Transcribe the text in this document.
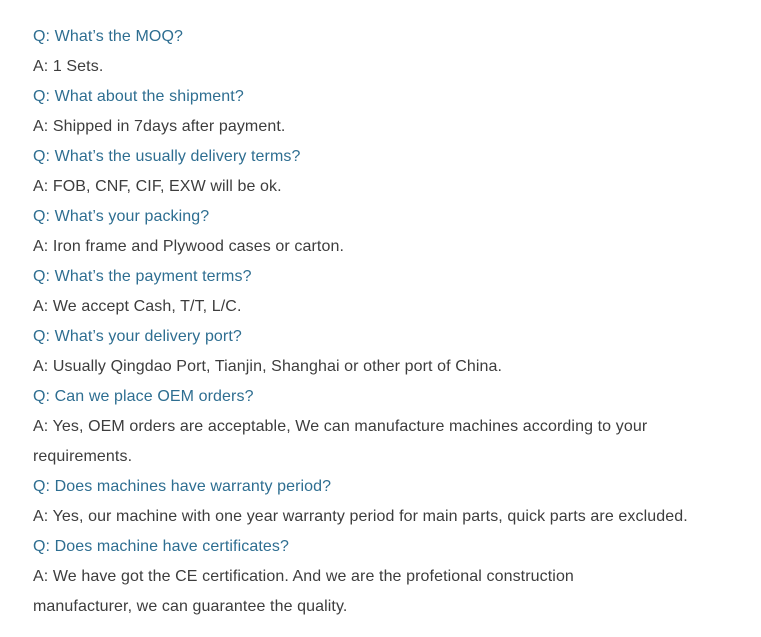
Q: What’s the MOQ?
A: 1 Sets.
Q: What about the shipment?
A: Shipped in 7days after payment.
Q: What’s the usually delivery terms?
A: FOB, CNF, CIF, EXW will be ok.
Q: What’s your packing?
A: Iron frame and Plywood cases or carton.
Q: What’s the payment terms?
A: We accept Cash, T/T, L/C.
Q: What’s your delivery port?
A: Usually Qingdao Port, Tianjin, Shanghai or other port of China.
Q: Can we place OEM orders?
A: Yes, OEM orders are acceptable, We can manufacture machines according to your
requirements.
Q: Does machines have warranty period?
A: Yes, our machine with one year warranty period for main parts, quick parts are excluded.
Q: Does machine have certificates?
A: We have got the CE certification. And we are the profetional construction
manufacturer, we can guarantee the quality.
